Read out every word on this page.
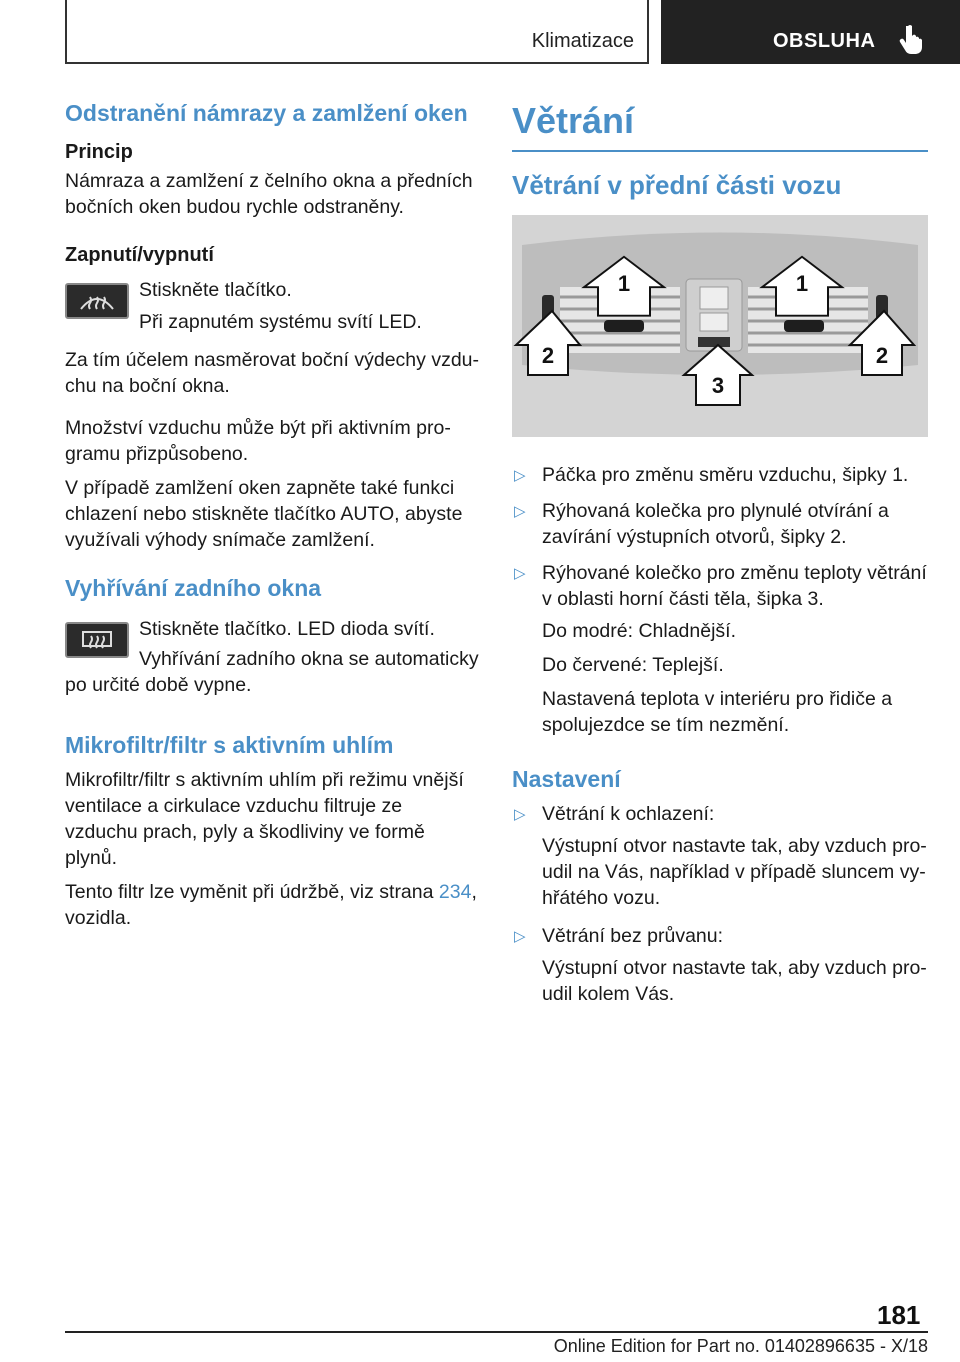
Klimatizace	OBSLUHA
Odstranění námrazy a zamlžení oken
Princip

Námraza a zamlžení z čelního okna a předních bočních oken budou rychle odstraněny.

Zapnutí/vypnutí

Stiskněte tlačítko.

Při zapnutém systému svítí LED.

Za tím účelem nasměrovat boční výdechy vzduchu na boční okna.

Množství vzduchu může být při aktivním programu přizpůsobeno.

V případě zamlžení oken zapněte také funkci chlazení nebo stiskněte tlačítko AUTO, abyste využívali výhody snímače zamlžení.

Vyhřívání zadního okna

Stiskněte tlačítko. LED dioda svítí.

Vyhřívání zadního okna se automaticky po určité době vypne.

Mikrofiltr/filtr s aktivním uhlím

Mikrofiltr/filtr s aktivním uhlím při režimu vnější ventilace a cirkulace vzduchu filtruje ze vzduchu prach, pyly a škodliviny ve formě plynů.

Tento filtr lze vyměnit při údržbě, viz strana 234, vozidla.

Větrání
Větrání v přední části vozu
1	1
2	2
3
▷ Páčka pro změnu směru vzduchu, šipky 1.
▷ Rýhovaná kolečka pro plynulé otvírání a zavírání výstupních otvorů, šipky 2.
▷ Rýhované kolečko pro změnu teploty větrání v oblasti horní části těla, šipka 3.

Do modré: Chladnější.

Do červené: Teplejší.

Nastavená teplota v interiéru pro řidiče a spolujezdce se tím nezmění.

Nastavení
▷ Větrání k ochlazení:

Výstupní otvor nastavte tak, aby vzduch proudil na Vás, například v případě sluncem vyhřátého vozu.

▷ Větrání bez průvanu:

Výstupní otvor nastavte tak, aby vzduch proudil kolem Vás.

181
Online Edition for Part no. 01402896635 - X/18
